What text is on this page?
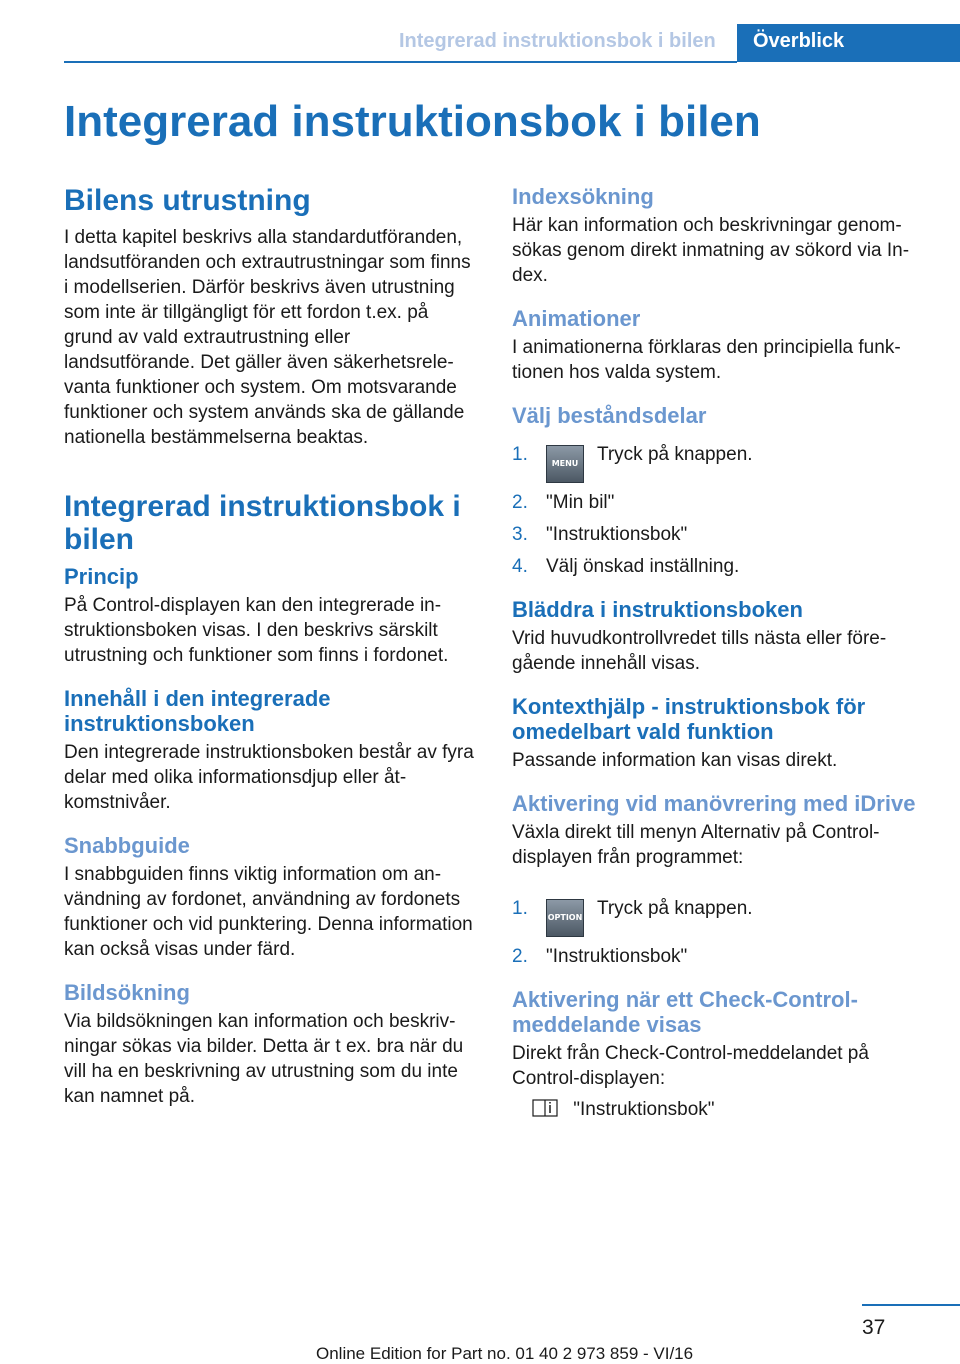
Integrerad instruktionsbok i bilen	Överblick
Integrerad instruktionsbok i bilen
Bilens utrustning

I detta kapitel beskrivs alla standardutföranden, landsutföranden och extrautrustningar som finns i modellserien. Därför beskrivs även utrustning som inte är tillgängligt för ett fordon t.ex. på grund av vald extrautrustning eller landsutförande. Det gäller även säkerhetsrelevanta funktioner och system. Om motsvarande funktioner och system används ska de gällande nationella bestämmelserna beaktas.

Integrerad instruktionsbok i bilen
Princip

På Control-displayen kan den integrerade instruktionsboken visas. I den beskrivs särskilt utrustning och funktioner som finns i fordonet.

Innehåll i den integrerade instruktionsboken

Den integrerade instruktionsboken består av fyra delar med olika informationsdjup eller åtkomstnivåer.

Snabbguide

I snabbguiden finns viktig information om användning av fordonet, användning av fordonets funktioner och vid punktering. Denna information kan också visas under färd.

Bildsökning

Via bildsökningen kan information och beskrivningar sökas via bilder. Detta är t ex. bra när du vill ha en beskrivning av utrustning som du inte kan namnet på.

Indexsökning

Här kan information och beskrivningar genomsökas genom direkt inmatning av sökord via Index.

Animationer

I animationerna förklaras den principiella funktionen hos valda system.

Välj beståndsdelar
1.	MENU Tryck på knappen.
2. "Min bil"
3. "Instruktionsbok"
4. Välj önskad inställning.
Bläddra i instruktionsboken

Vrid huvudkontrollvredet tills nästa eller föregående innehåll visas.

Kontexthjälp - instruktionsbok för omedelbart vald funktion

Passande information kan visas direkt.

Aktivering vid manövrering med iDrive

Växla direkt till menyn Alternativ på Control-displayen från programmet:

1. OPTION Tryck på knappen.
2. "Instruktionsbok"
Aktivering när ett Check-Control-meddelande visas

Direkt från Check-Control-meddelandet på Control-displayen:

"Instruktionsbok"
37
Online Edition for Part no. 01 40 2 973 859 - VI/16
